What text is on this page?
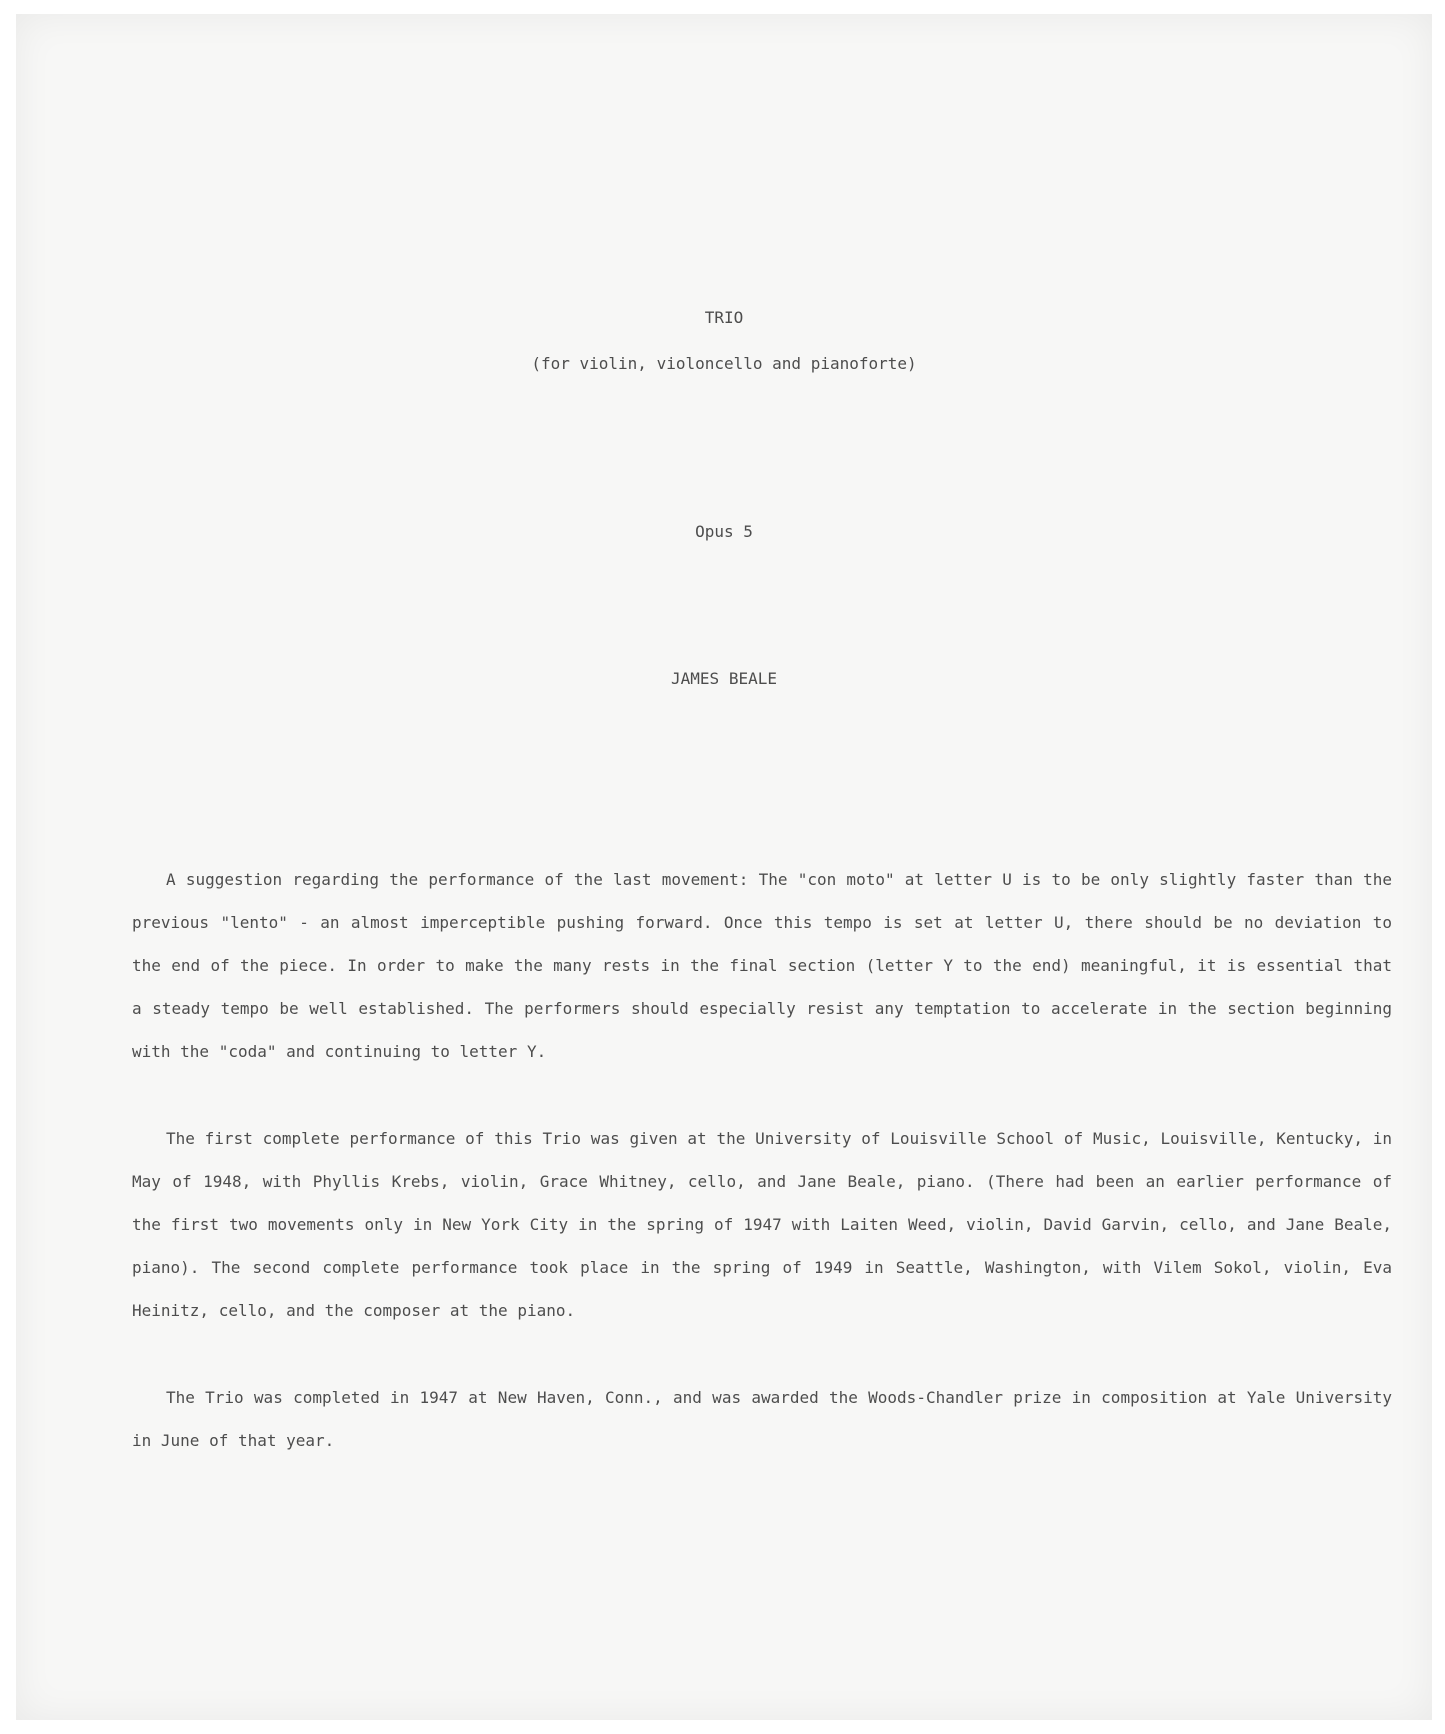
TRIO
(for violin, violoncello and pianoforte)
Opus 5
JAMES BEALE

A suggestion regarding the performance of the last movement: The "con moto" at letter U is to be only slightly faster than the previous "lento" - an almost imperceptible pushing forward. Once this tempo is set at letter U, there should be no deviation to the end of the piece. In order to make the many rests in the final section (letter Y to the end) meaningful, it is essential that a steady tempo be well established. The performers should especially resist any temptation to accelerate in the section beginning with the "coda" and continuing to letter Y.

The first complete performance of this Trio was given at the University of Louisville School of Music, Louisville, Kentucky, in May of 1948, with Phyllis Krebs, violin, Grace Whitney, cello, and Jane Beale, piano. (There had been an earlier performance of the first two movements only in New York City in the spring of 1947 with Laiten Weed, violin, David Garvin, cello, and Jane Beale, piano). The second complete performance took place in the spring of 1949 in Seattle, Washington, with Vilem Sokol, violin, Eva Heinitz, cello, and the composer at the piano.

The Trio was completed in 1947 at New Haven, Conn., and was awarded the Woods-Chandler prize in composition at Yale University in June of that year.
